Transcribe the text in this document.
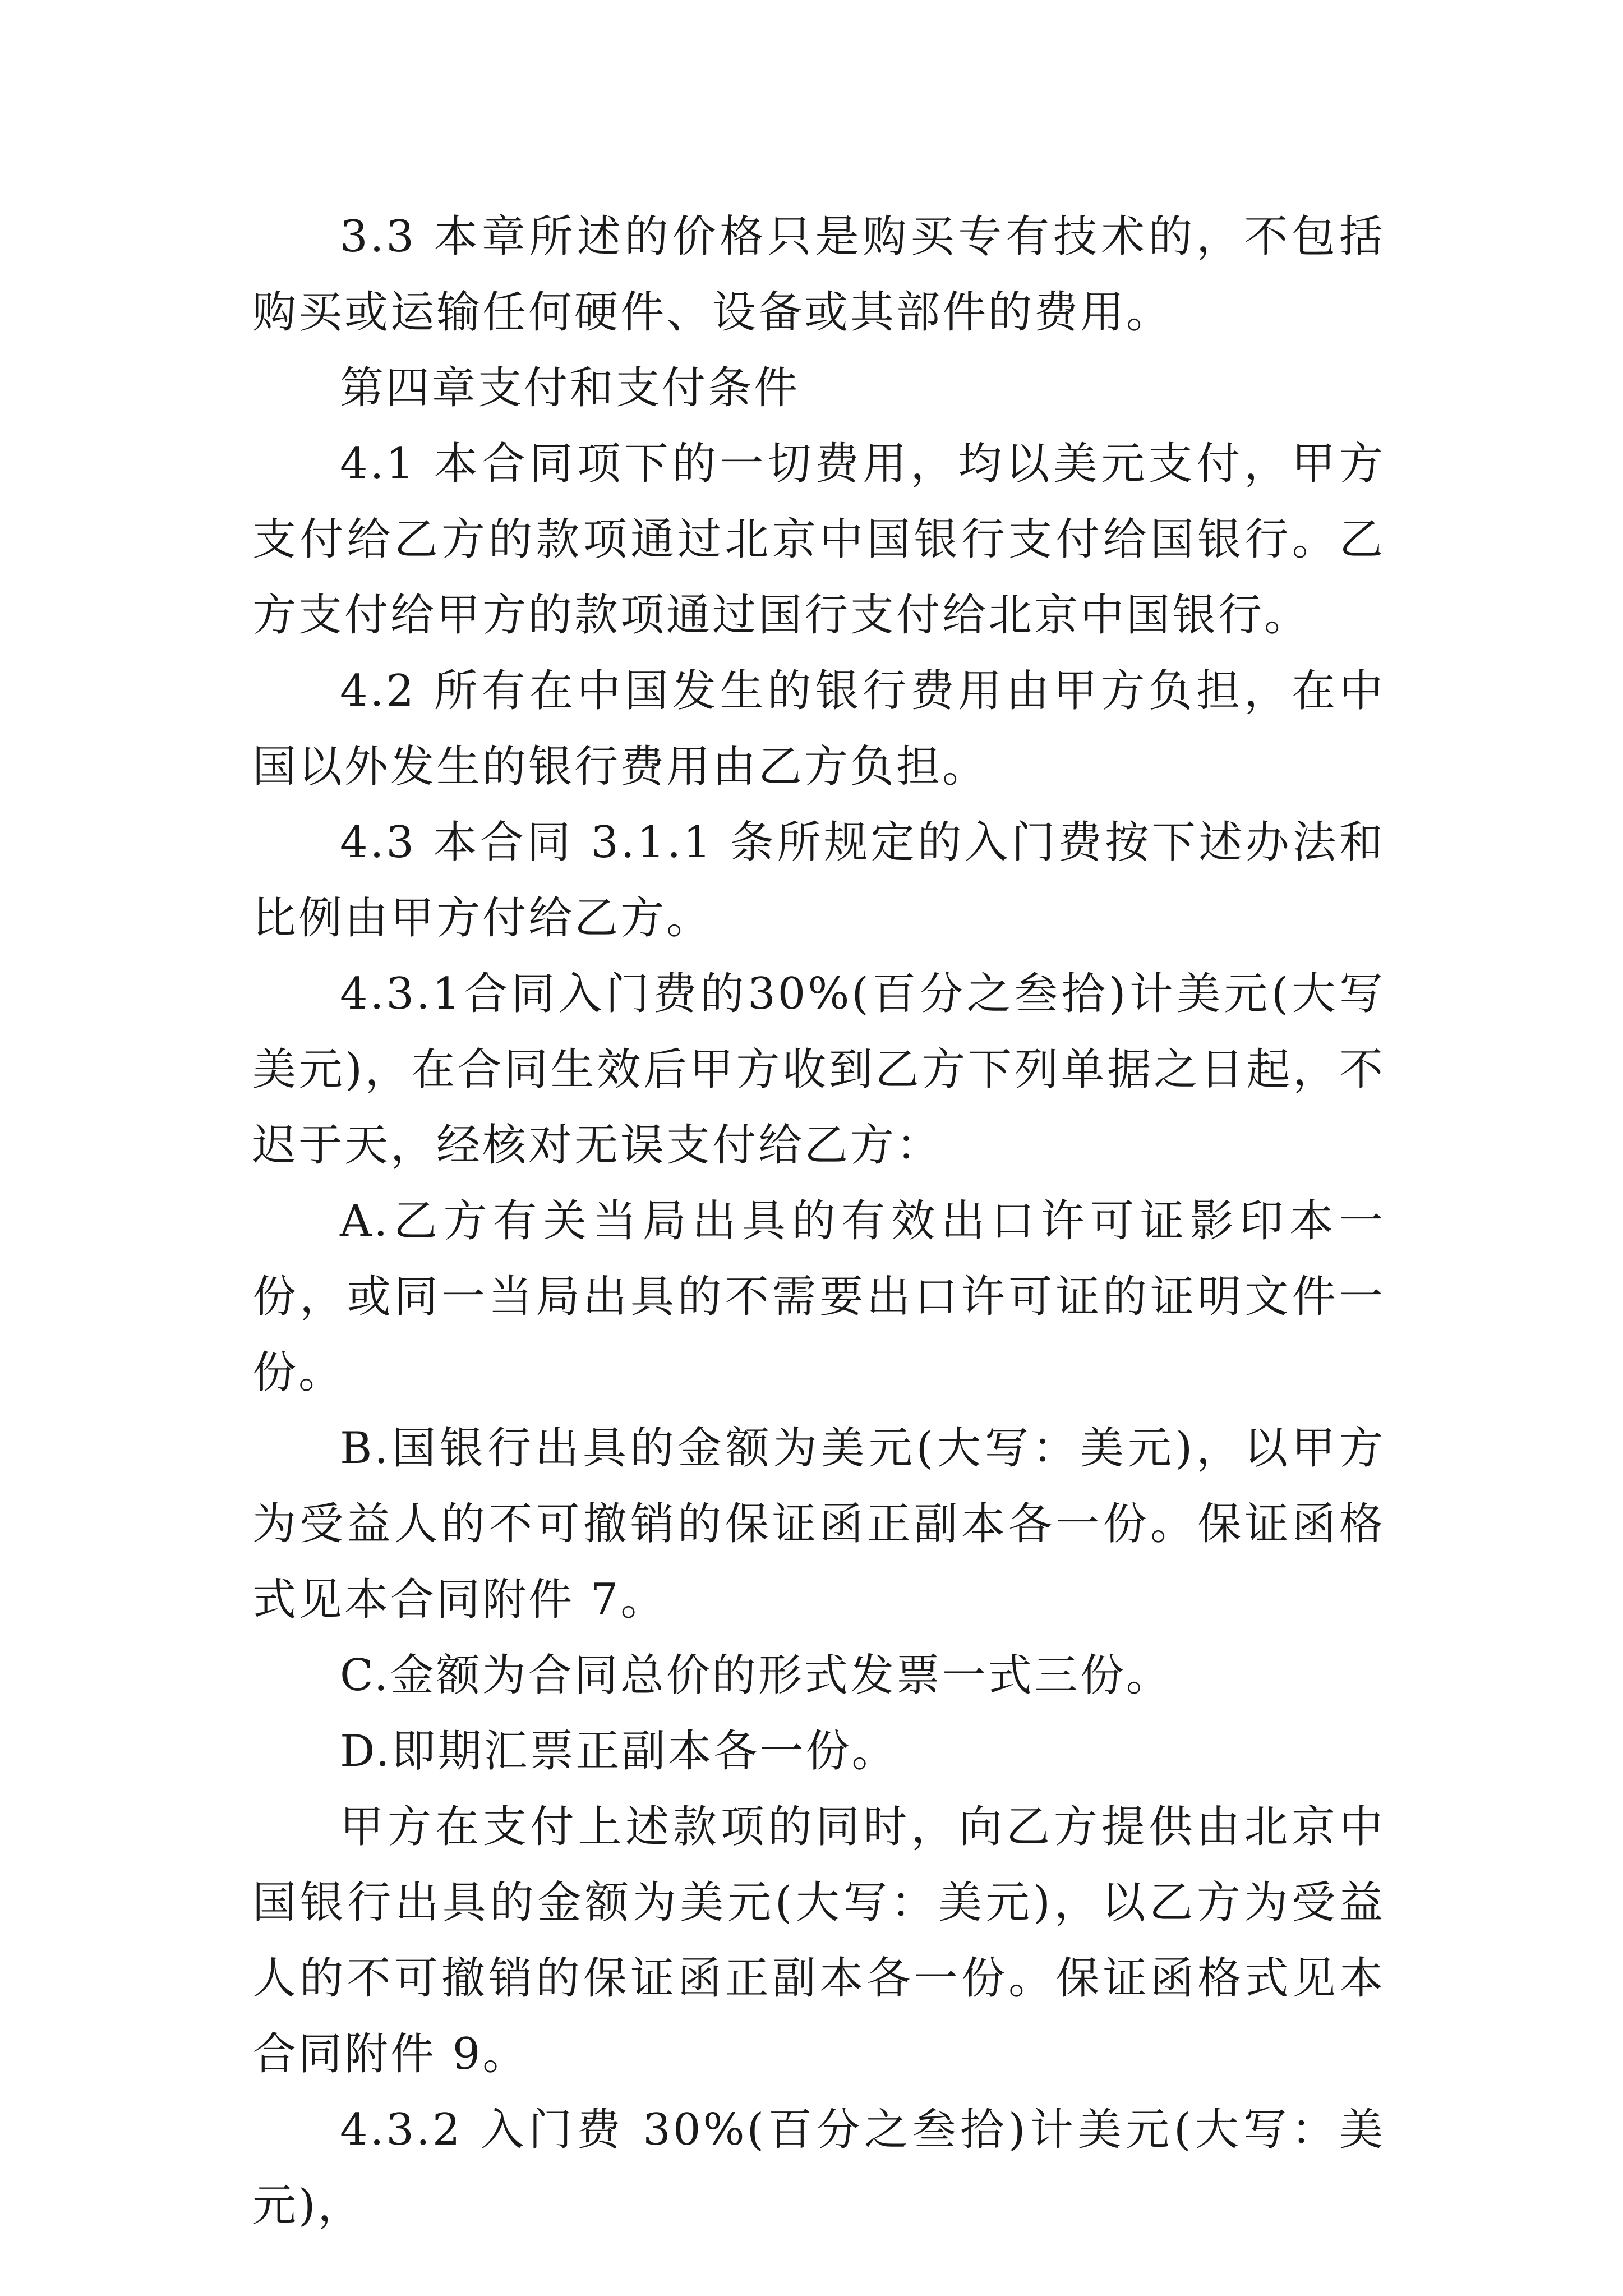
3.3 本章所述的价格只是购买专有技术的，不包括购买或运输任何硬件、设备或其部件的费用。

第四章支付和支付条件

4.1 本合同项下的一切费用，均以美元支付，甲方支付给乙方的款项通过北京中国银行支付给国银行。乙方支付给甲方的款项通过国行支付给北京中国银行。

4.2 所有在中国发生的银行费用由甲方负担，在中国以外发生的银行费用由乙方负担。

4.3 本合同 3.1.1 条所规定的入门费按下述办法和比例由甲方付给乙方。

4.3.1合同入门费的30%(百分之叁拾)计美元(大写美元)，在合同生效后甲方收到乙方下列单据之日起，不迟于天，经核对无误支付给乙方：

A.乙方有关当局出具的有效出口许可证影印本一份，或同一当局出具的不需要出口许可证的证明文件一份。

B.国银行出具的金额为美元(大写：美元)，以甲方为受益人的不可撤销的保证函正副本各一份。保证函格式见本合同附件 7。

C.金额为合同总价的形式发票一式三份。

D.即期汇票正副本各一份。

甲方在支付上述款项的同时，向乙方提供由北京中国银行出具的金额为美元(大写：美元)，以乙方为受益人的不可撤销的保证函正副本各一份。保证函格式见本合同附件 9。

4.3.2 入门费 30%(百分之叁拾)计美元(大写：美元)，
